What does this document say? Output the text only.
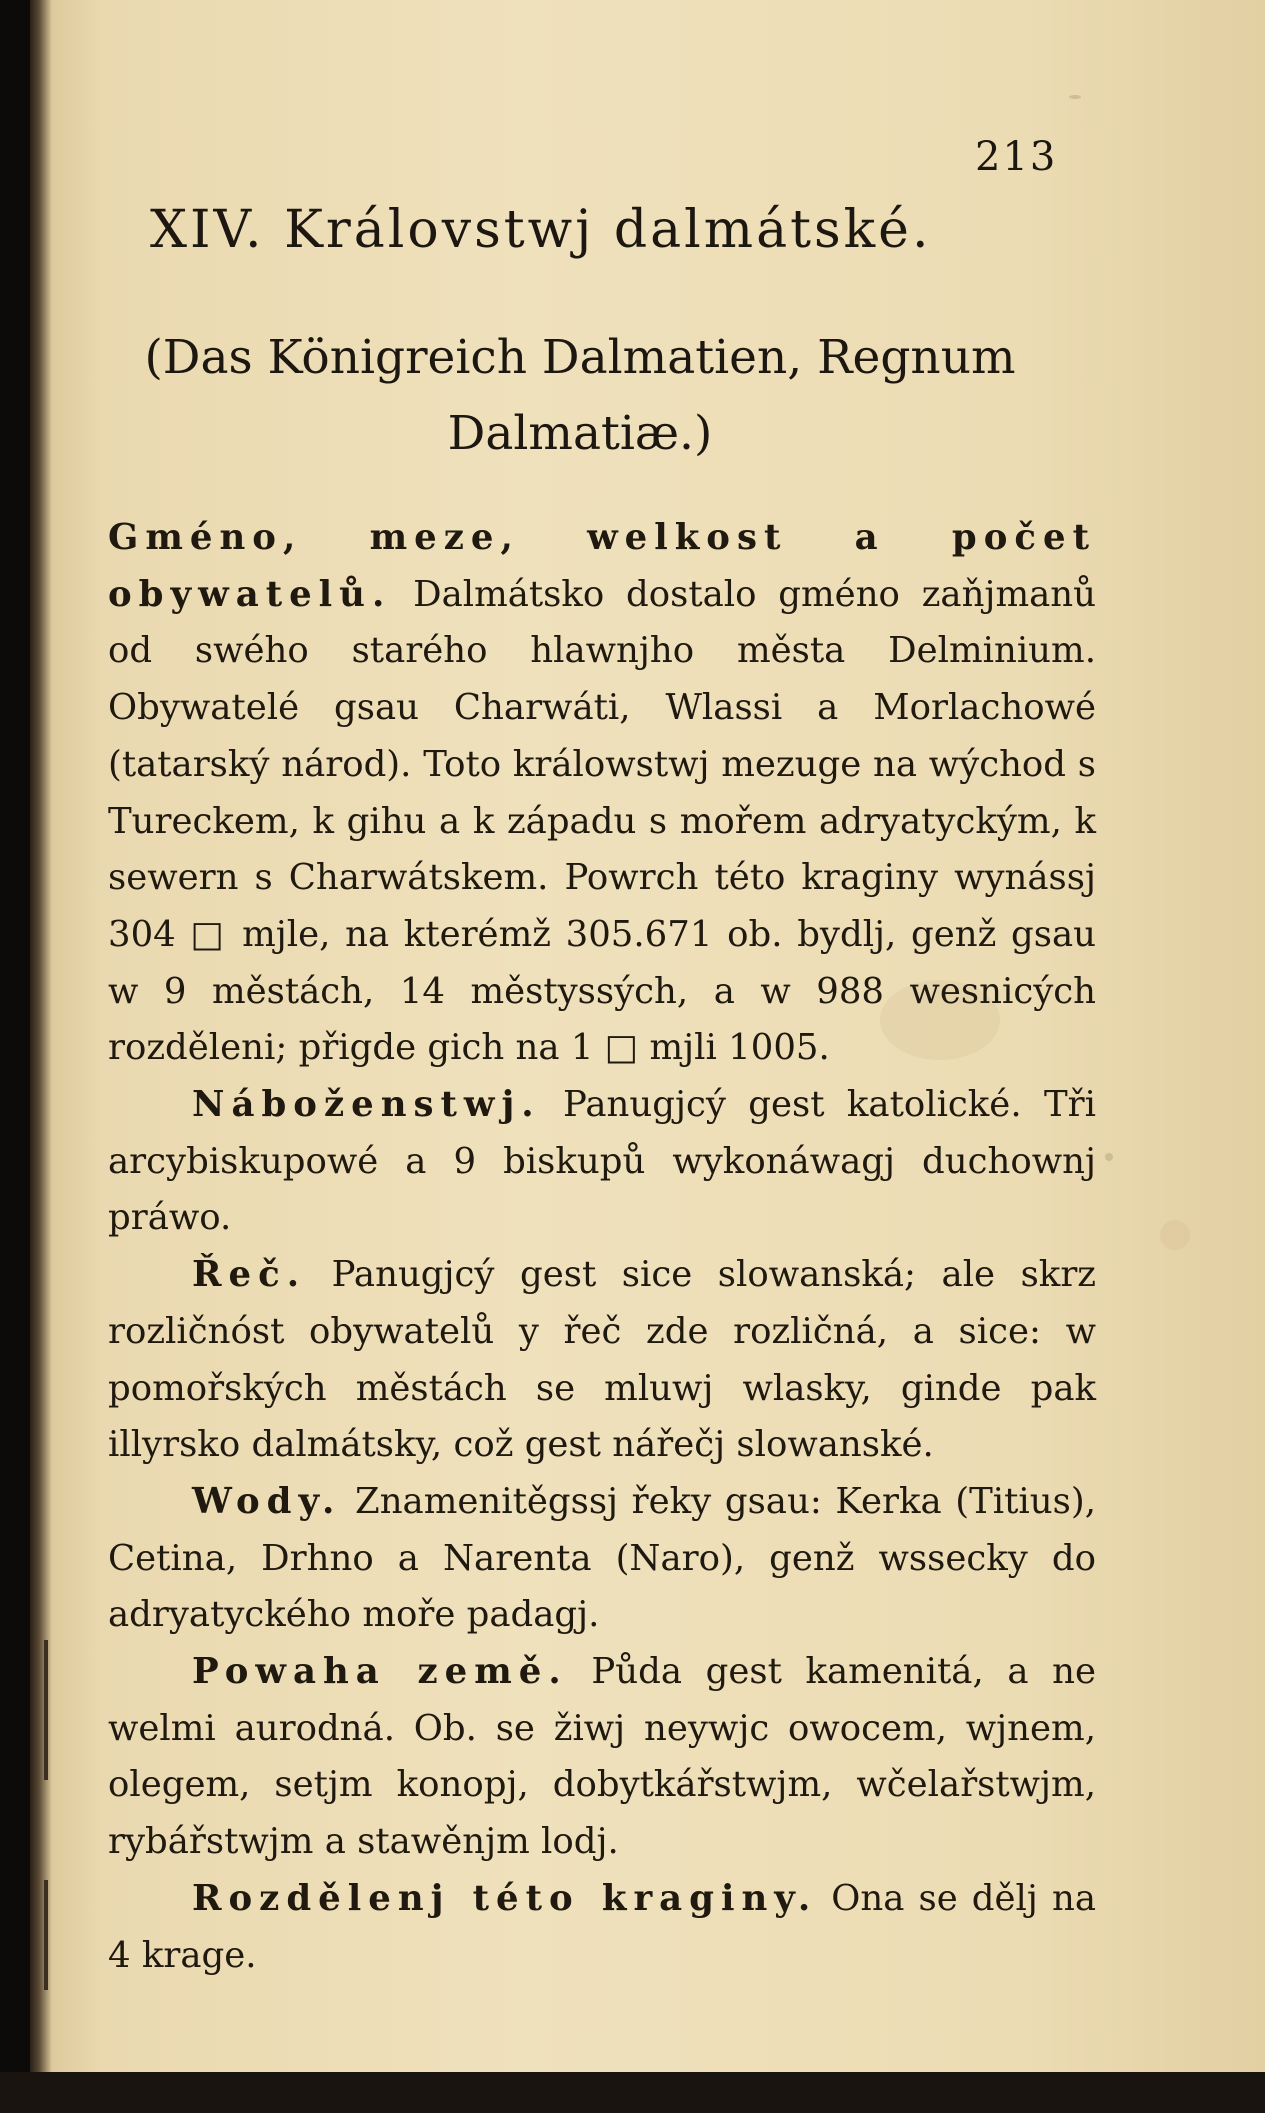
213
XIV. Královstwj dalmátské.
(Das Königreich Dalmatien, Regnum Dalmatiæ.)

Gméno, meze, welkost a počet obywatelů. Dalmátsko dostalo gméno zaňjmanů od swého starého hlawnjho města Delminium. Obywatelé gsau Charwáti, Wlassi a Morlachowé (tatarský národ). Toto králowstwj mezuge na wýchod s Tureckem, k gihu a k západu s mořem adryatyckým, k sewern s Charwátskem. Powrch této kraginy wynássj 304 □ mjle, na kterémž 305.671 ob. bydlj, genž gsau w 9 městách, 14 městyssých, a w 988 wesnicých rozděleni; přigde gich na 1 □ mjli 1005.

Náboženstwj. Panugjcý gest katolické. Tři arcybiskupowé a 9 biskupů wykonáwagj duchownj práwo.

Řeč. Panugjcý gest sice slowanská; ale skrz rozličnóst obywatelů y řeč zde rozličná, a sice: w pomořských městách se mluwj wlasky, ginde pak illyrsko dalmátsky, což gest nářečj slowanské.

Wody. Znamenitěgssj řeky gsau: Kerka (Titius), Cetina, Drhno a Narenta (Naro), genž wssecky do adryatyckého moře padagj.

Powaha země. Půda gest kamenitá, a ne welmi aurodná. Ob. se žiwj neywjc owocem, wjnem, olegem, setjm konopj, dobytkářstwjm, wčelařstwjm, rybářstwjm a stawěnjm lodj.

Rozdělenj této kraginy. Ona se dělj na 4 krage.
